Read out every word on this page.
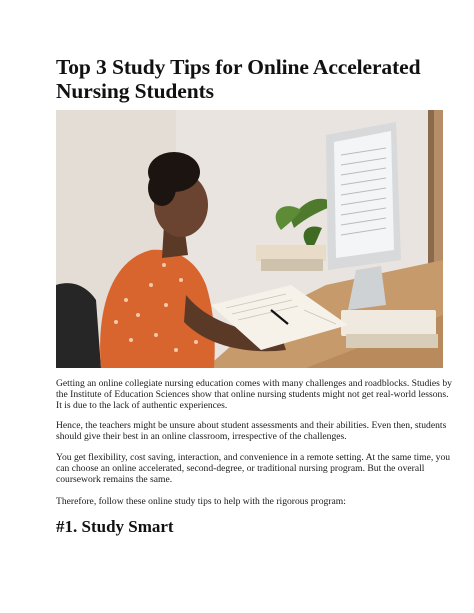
Top 3 Study Tips for Online Accelerated Nursing Students

Getting an online collegiate nursing education comes with many challenges and roadblocks. Studies by the Institute of Education Sciences show that online nursing students might not get real-world lessons. It is due to the lack of authentic experiences.

Hence, the teachers might be unsure about student assessments and their abilities. Even then, students should give their best in an online classroom, irrespective of the challenges.

You get flexibility, cost saving, interaction, and convenience in a remote setting. At the same time, you can choose an online accelerated, second-degree, or traditional nursing program. But the overall coursework remains the same.

Therefore, follow these online study tips to help with the rigorous program:

#1. Study Smart
